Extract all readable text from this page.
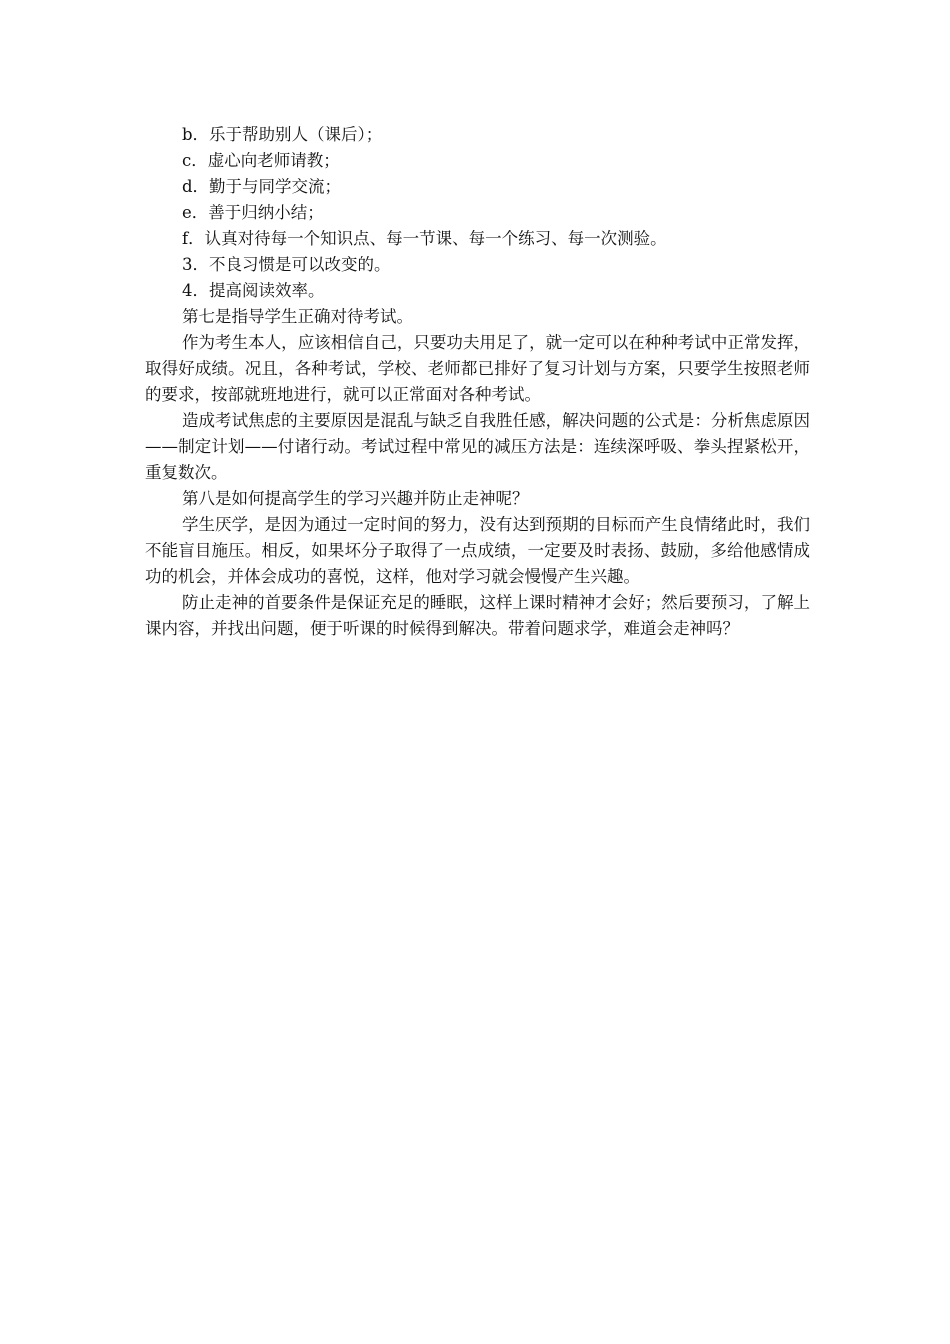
b．乐于帮助别人（课后）；
c．虚心向老师请教；
d．勤于与同学交流；
e．善于归纳小结；
f．认真对待每一个知识点、每一节课、每一个练习、每一次测验。
3．不良习惯是可以改变的。
4．提高阅读效率。

第七是指导学生正确对待考试。

作为考生本人，应该相信自己，只要功夫用足了，就一定可以在种种考试中正常发挥，取得好成绩。况且，各种考试，学校、老师都已排好了复习计划与方案，只要学生按照老师的要求，按部就班地进行，就可以正常面对各种考试。

造成考试焦虑的主要原因是混乱与缺乏自我胜任感，解决问题的公式是：分析焦虑原因——制定计划——付诸行动。考试过程中常见的减压方法是：连续深呼吸、拳头捏紧松开，重复数次。

第八是如何提高学生的学习兴趣并防止走神呢？

学生厌学，是因为通过一定时间的努力，没有达到预期的目标而产生良情绪此时，我们不能盲目施压。相反，如果坏分子取得了一点成绩，一定要及时表扬、鼓励，多给他感情成功的机会，并体会成功的喜悦，这样，他对学习就会慢慢产生兴趣。

防止走神的首要条件是保证充足的睡眠，这样上课时精神才会好；然后要预习，了解上课内容，并找出问题，便于听课的时候得到解决。带着问题求学，难道会走神吗？
